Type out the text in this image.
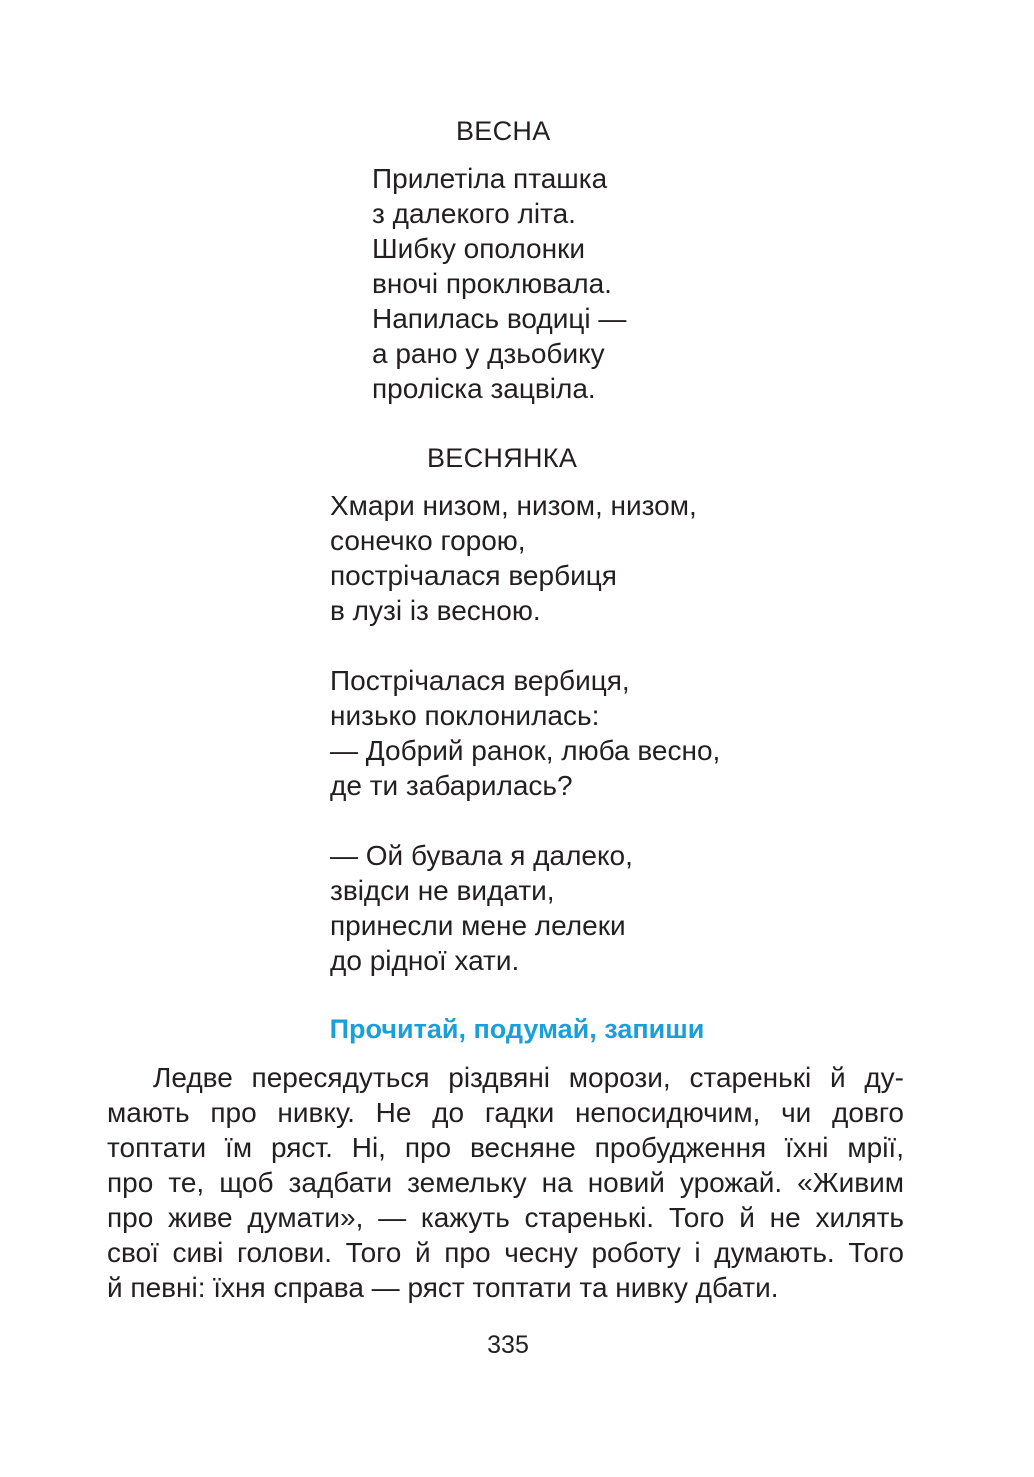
ВЕСНА
Прилетіла пташка
з далекого літа.
Шибку ополонки
вночі проклювала.
Напилась водиці —
а рано у дзьобику
проліска зацвіла.
ВЕСНЯНКА
Хмари низом, низом, низом,
сонечко горою,
пострічалася вербиця
в лузі із весною.
Пострічалася вербиця,
низько поклонилась:
— Добрий ранок, люба весно,
де ти забарилась?
— Ой бувала я далеко,
звідси не видати,
принесли мене лелеки
до рідної хати.
Прочитай, подумай, запиши
Ледве пересядуться різдвяні морози, старенькі й ду-
мають про нивку. Не до гадки непосидючим, чи довго
топтати їм ряст. Ні, про весняне пробудження їхні мрії,
про те, щоб задбати земельку на новий урожай. «Живим
про живе думати», — кажуть старенькі. Того й не хилять
свої сиві голови. Того й про чесну роботу і думають. Того
й певні: їхня справа — ряст топтати та нивку дбати.
335
